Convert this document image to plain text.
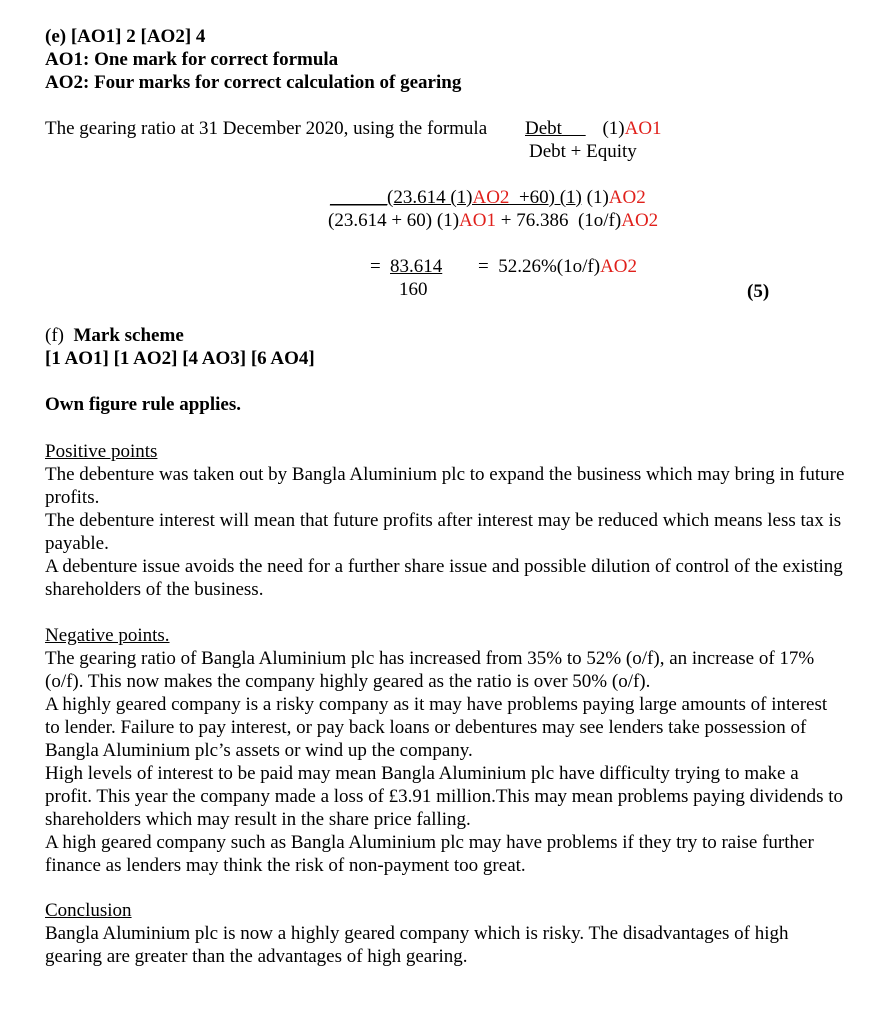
(e) [AO1] 2 [AO2] 4
AO1: One mark for correct formula
AO2: Four marks for correct calculation of gearing
The gearing ratio at 31 December 2020, using the formula Debt (1)AO1
Debt + Equity
______(23.614 (1)AO2  +60) (1) (1)AO2
(23.614 + 60) (1)AO1 + 76.386  (1o/f)AO2
= 83.614
160
=  52.26%(1o/f)AO2
(5)
(f) Mark scheme
[1 AO1] [1 AO2] [4 AO3] [6 AO4]
Own figure rule applies.

Positive points

The debenture was taken out by Bangla Aluminium plc to expand the business which may bring in future profits.

The debenture interest will mean that future profits after interest may be reduced which means less tax is payable.

A debenture issue avoids the need for a further share issue and possible dilution of control of the existing shareholders of the business.

Negative points.

The gearing ratio of Bangla Aluminium plc has increased from 35% to 52% (o/f), an increase of 17% (o/f). This now makes the company highly geared as the ratio is over 50% (o/f).

A highly geared company is a risky company as it may have problems paying large amounts of interest to lender. Failure to pay interest, or pay back loans or debentures may see lenders take possession of Bangla Aluminium plc’s assets or wind up the company.

High levels of interest to be paid may mean Bangla Aluminium plc have difficulty trying to make a profit. This year the company made a loss of £3.91 million.This may mean problems paying dividends to shareholders which may result in the share price falling.

A high geared company such as Bangla Aluminium plc may have problems if they try to raise further finance as lenders may think the risk of non-payment too great.

Conclusion

Bangla Aluminium plc is now a highly geared company which is risky. The disadvantages of high gearing are greater than the advantages of high gearing.
